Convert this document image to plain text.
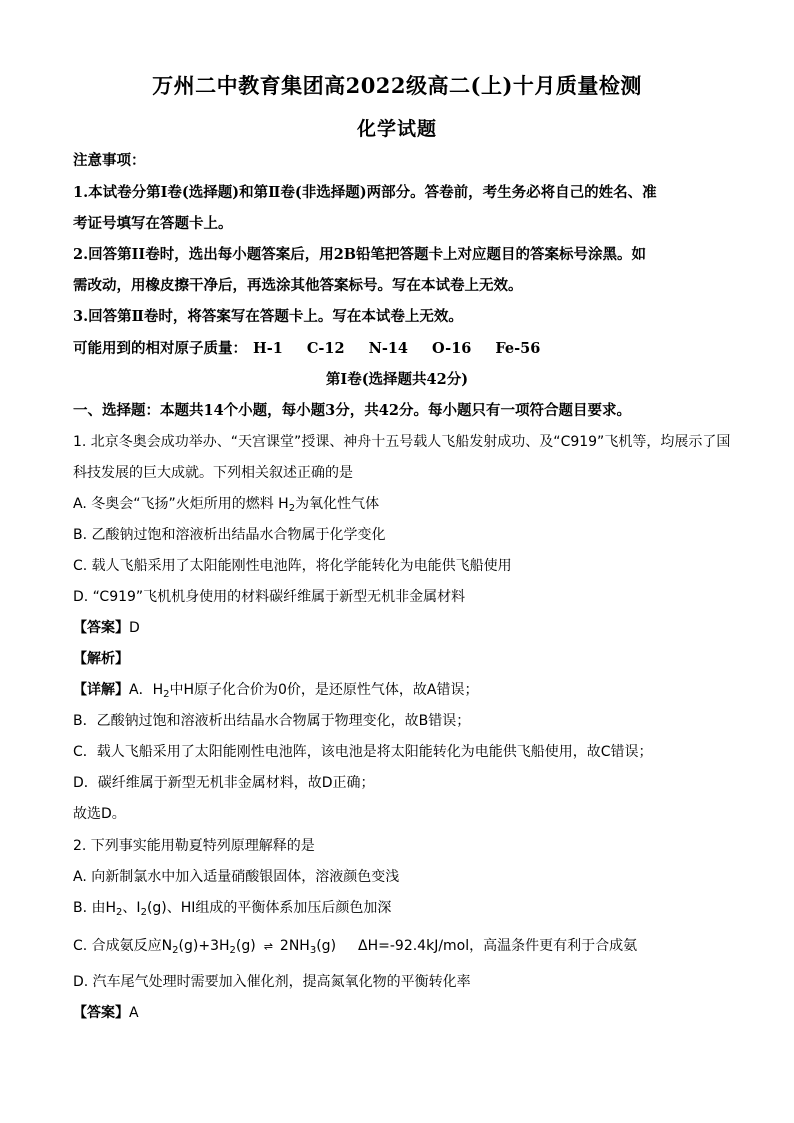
万州二中教育集团高2022级高二(上)十月质量检测
化学试题
注意事项：
1.本试卷分第Ⅰ卷(选择题)和第Ⅱ卷(非选择题)两部分。答卷前，考生务必将自己的姓名、准
考证号填写在答题卡上。
2.回答第ⅠI卷时，选出每小题答案后，用2B铅笔把答题卡上对应题目的答案标号涂黑。如
需改动，用橡皮擦干净后，再选涂其他答案标号。写在本试卷上无效。
3.回答第Ⅱ卷时，将答案写在答题卡上。写在本试卷上无效。
可能用到的相对原子质量： H-1 C-12 N-14 O-16 Fe-56
第Ⅰ卷(选择题共42分)
一、选择题：本题共14个小题，每小题3分，共42分。每小题只有一项符合题目要求。
1. 北京冬奥会成功举办、“天宫课堂”授课、神舟十五号载人飞船发射成功、及“C919”飞机等，均展示了国
科技发展的巨大成就。下列相关叙述正确的是
A. 冬奥会“飞扬”火炬所用的燃料 $H_2$为氧化性气体
B. 乙酸钠过饱和溶液析出结晶水合物属于化学变化
C. 载人飞船采用了太阳能刚性电池阵，将化学能转化为电能供飞船使用
D. “C919”飞机机身使用的材料碳纤维属于新型无机非金属材料
【答案】D
【解析】
【详解】A．$H_2$中H原子化合价为0价，是还原性气体，故A错误；
B．乙酸钠过饱和溶液析出结晶水合物属于物理变化，故B错误；
C．载人飞船采用了太阳能刚性电池阵，该电池是将太阳能转化为电能供飞船使用，故C错误；
D．碳纤维属于新型无机非金属材料，故D正确；
故选D。
2. 下列事实能用勒夏特列原理解释的是
A. 向新制氯水中加入适量硝酸银固体，溶液颜色变浅
B. 由$H_2$、$I_2(g)$、HI组成的平衡体系加压后颜色加深
C. 合成氨反应$N_2(g)+3H_2(g)$ ⇌ $2NH_3(g)$ ΔH=-92.4kJ/mol，高温条件更有利于合成氨
D. 汽车尾气处理时需要加入催化剂，提高氮氧化物的平衡转化率
【答案】A
